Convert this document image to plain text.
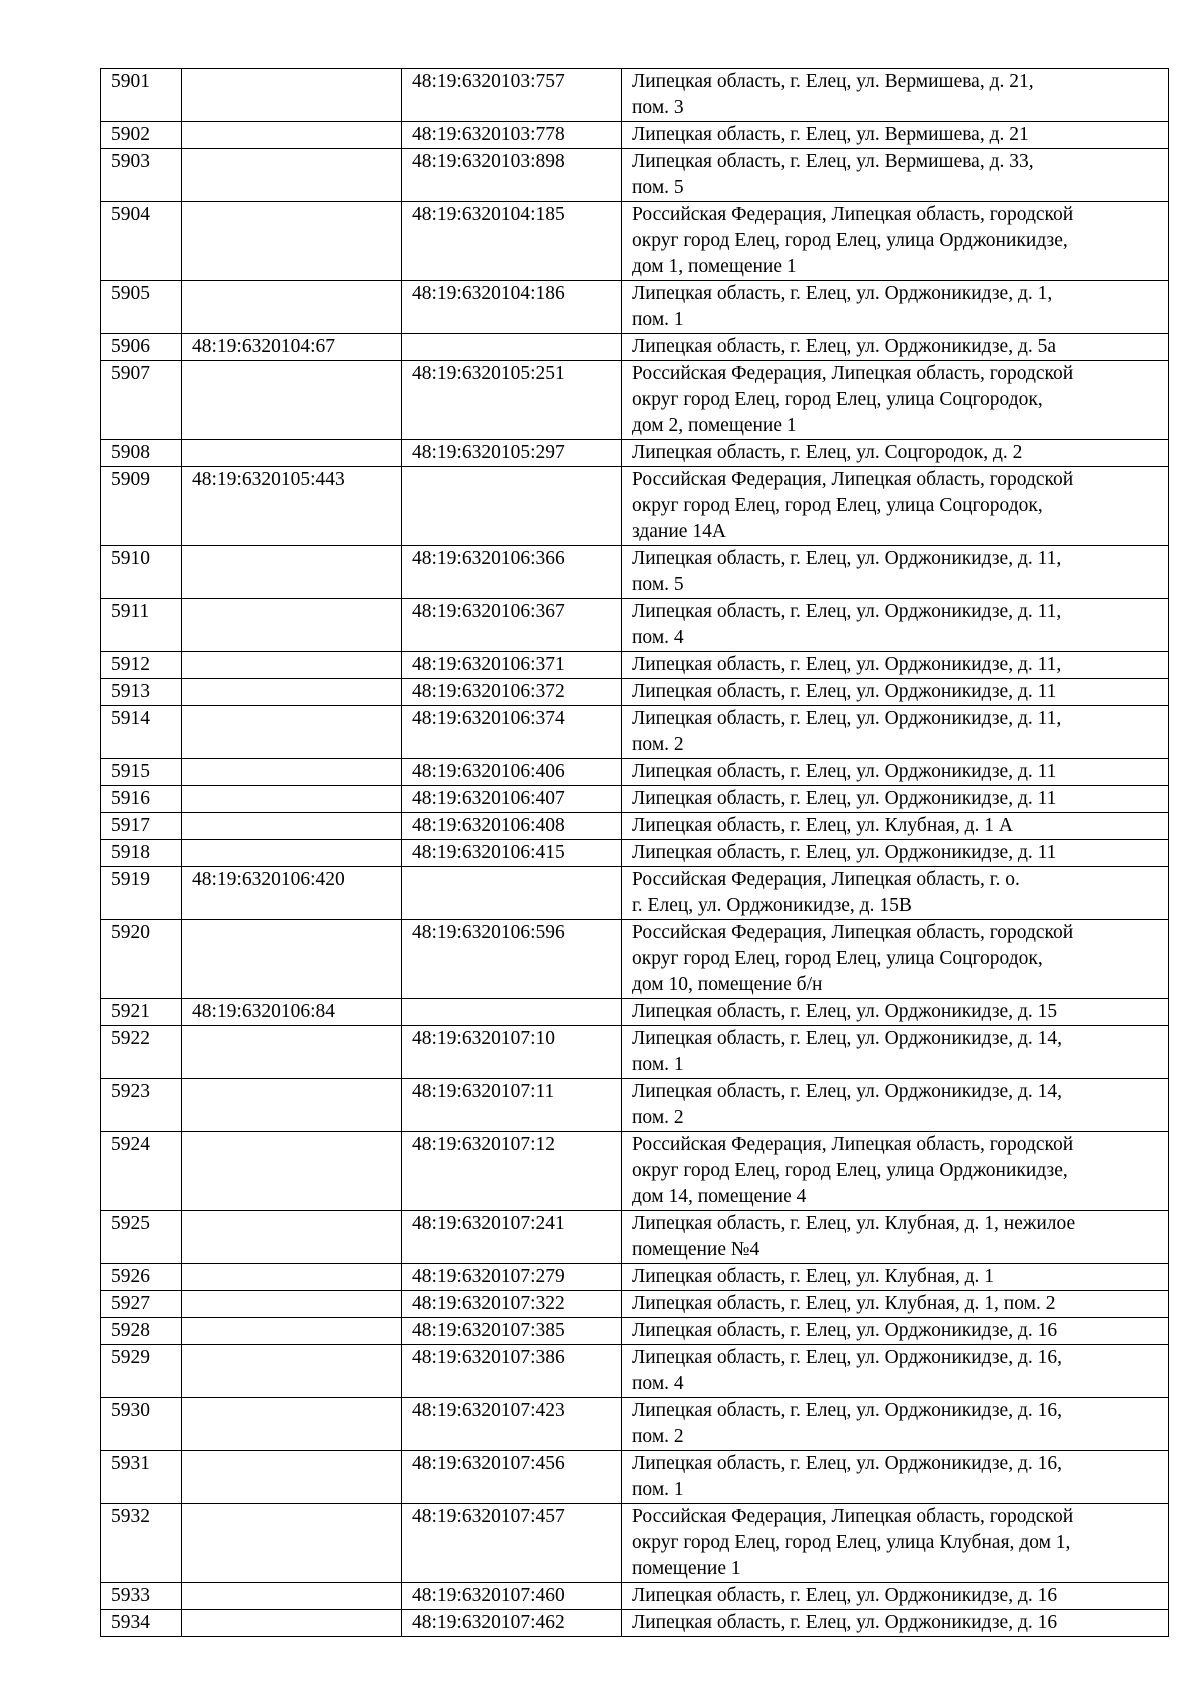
5901		48:19:6320103:757	Липецкая область, г. Елец, ул. Вермишева, д. 21,
пом. 3
5902		48:19:6320103:778	Липецкая область, г. Елец, ул. Вермишева, д. 21
5903		48:19:6320103:898	Липецкая область, г. Елец, ул. Вермишева, д. 33,
пом. 5
5904		48:19:6320104:185	Российская Федерация, Липецкая область, городской
округ город Елец, город Елец, улица Орджоникидзе,
дом 1, помещение 1
5905		48:19:6320104:186	Липецкая область, г. Елец, ул. Орджоникидзе, д. 1,
пом. 1
5906	48:19:6320104:67		Липецкая область, г. Елец, ул. Орджоникидзе, д. 5а
5907		48:19:6320105:251	Российская Федерация, Липецкая область, городской
округ город Елец, город Елец, улица Соцгородок,
дом 2, помещение 1
5908		48:19:6320105:297	Липецкая область, г. Елец, ул. Соцгородок, д. 2
5909	48:19:6320105:443		Российская Федерация, Липецкая область, городской
округ город Елец, город Елец, улица Соцгородок,
здание 14А
5910		48:19:6320106:366	Липецкая область, г. Елец, ул. Орджоникидзе, д. 11,
пом. 5
5911		48:19:6320106:367	Липецкая область, г. Елец, ул. Орджоникидзе, д. 11,
пом. 4
5912		48:19:6320106:371	Липецкая область, г. Елец, ул. Орджоникидзе, д. 11,
5913		48:19:6320106:372	Липецкая область, г. Елец, ул. Орджоникидзе, д. 11
5914		48:19:6320106:374	Липецкая область, г. Елец, ул. Орджоникидзе, д. 11,
пом. 2
5915		48:19:6320106:406	Липецкая область, г. Елец, ул. Орджоникидзе, д. 11
5916		48:19:6320106:407	Липецкая область, г. Елец, ул. Орджоникидзе, д. 11
5917		48:19:6320106:408	Липецкая область, г. Елец, ул. Клубная, д. 1 А
5918		48:19:6320106:415	Липецкая область, г. Елец, ул. Орджоникидзе, д. 11
5919	48:19:6320106:420		Российская Федерация, Липецкая область, г. о.
г. Елец, ул. Орджоникидзе, д. 15В
5920		48:19:6320106:596	Российская Федерация, Липецкая область, городской
округ город Елец, город Елец, улица Соцгородок,
дом 10, помещение б/н
5921	48:19:6320106:84		Липецкая область, г. Елец, ул. Орджоникидзе, д. 15
5922		48:19:6320107:10	Липецкая область, г. Елец, ул. Орджоникидзе, д. 14,
пом. 1
5923		48:19:6320107:11	Липецкая область, г. Елец, ул. Орджоникидзе, д. 14,
пом. 2
5924		48:19:6320107:12	Российская Федерация, Липецкая область, городской
округ город Елец, город Елец, улица Орджоникидзе,
дом 14, помещение 4
5925		48:19:6320107:241	Липецкая область, г. Елец, ул. Клубная, д. 1, нежилое
помещение №4
5926		48:19:6320107:279	Липецкая область, г. Елец, ул. Клубная, д. 1
5927		48:19:6320107:322	Липецкая область, г. Елец, ул. Клубная, д. 1, пом. 2
5928		48:19:6320107:385	Липецкая область, г. Елец, ул. Орджоникидзе, д. 16
5929		48:19:6320107:386	Липецкая область, г. Елец, ул. Орджоникидзе, д. 16,
пом. 4
5930		48:19:6320107:423	Липецкая область, г. Елец, ул. Орджоникидзе, д. 16,
пом. 2
5931		48:19:6320107:456	Липецкая область, г. Елец, ул. Орджоникидзе, д. 16,
пом. 1
5932		48:19:6320107:457	Российская Федерация, Липецкая область, городской
округ город Елец, город Елец, улица Клубная, дом 1,
помещение 1
5933		48:19:6320107:460	Липецкая область, г. Елец, ул. Орджоникидзе, д. 16
5934		48:19:6320107:462	Липецкая область, г. Елец, ул. Орджоникидзе, д. 16
